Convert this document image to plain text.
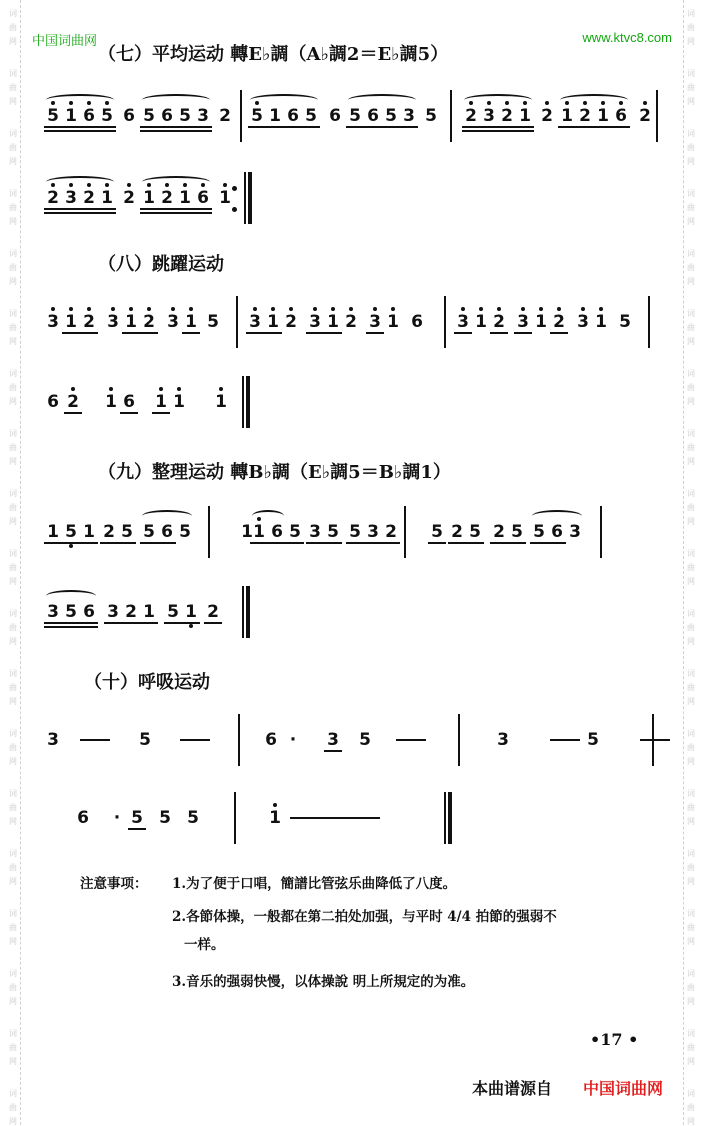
词
曲
网
词
曲
网
词
曲
网
词
曲
网
词
曲
网
词
曲
网
词
曲
网
词
曲
网
词
曲
网
词
曲
网
词
曲
网
词
曲
网
词
曲
网
词
曲
网
词
曲
网
词
曲
网
词
曲
网
词
曲
网
词
曲
网
词
曲
网
词
曲
网
词
曲
网
词
曲
网
词
曲
网
词
曲
网
词
曲
网
词
曲
网
词
曲
网
词
曲
网
词
曲
网
词
曲
网
词
曲
网
词
曲
网
词
曲
网
词
曲
网
词
曲
网
词
曲
网
词
曲
网
中国词曲网	www.ktvc8.com
（七）平均运动 轉E♭調（A♭調2＝E♭調5）
5 1 6 5 6 5 6 5 3 2 5 1 6 5 6 5 6 5 3 5 2 3 2 1 2 1 2 1 6 2
2 3 2 1 2 1 2 1 6 1
（八）跳躍运动
3 1 2 3 1 2 3 1 5 3 1 2 3 1 2 3 1 6 3 1 2 3 1 2 3 1 5
6 2 1 6 1 1 1
（九）整理运动 轉B♭調（E♭調5＝B♭調1）
1 5 1 2 5 5 6 5	1 1 6 5 3 5 5 3 2 5 2 5 2 5 5 6 3
3 5 6 3 2 1 5 1 2
（十）呼吸运动
3	5	6 ·	3 5	3	5
6	· 5 5 5	1
注意事项： 1.为了便于口唱，簡譜比管弦乐曲降低了八度。
2.各節体操，一般都在第二拍处加强，与平时 4/4 拍節的强弱不
一样。
3.音乐的强弱快慢，以体操說 明上所規定的为准。
•17 •
本曲谱源自 中国词曲网
